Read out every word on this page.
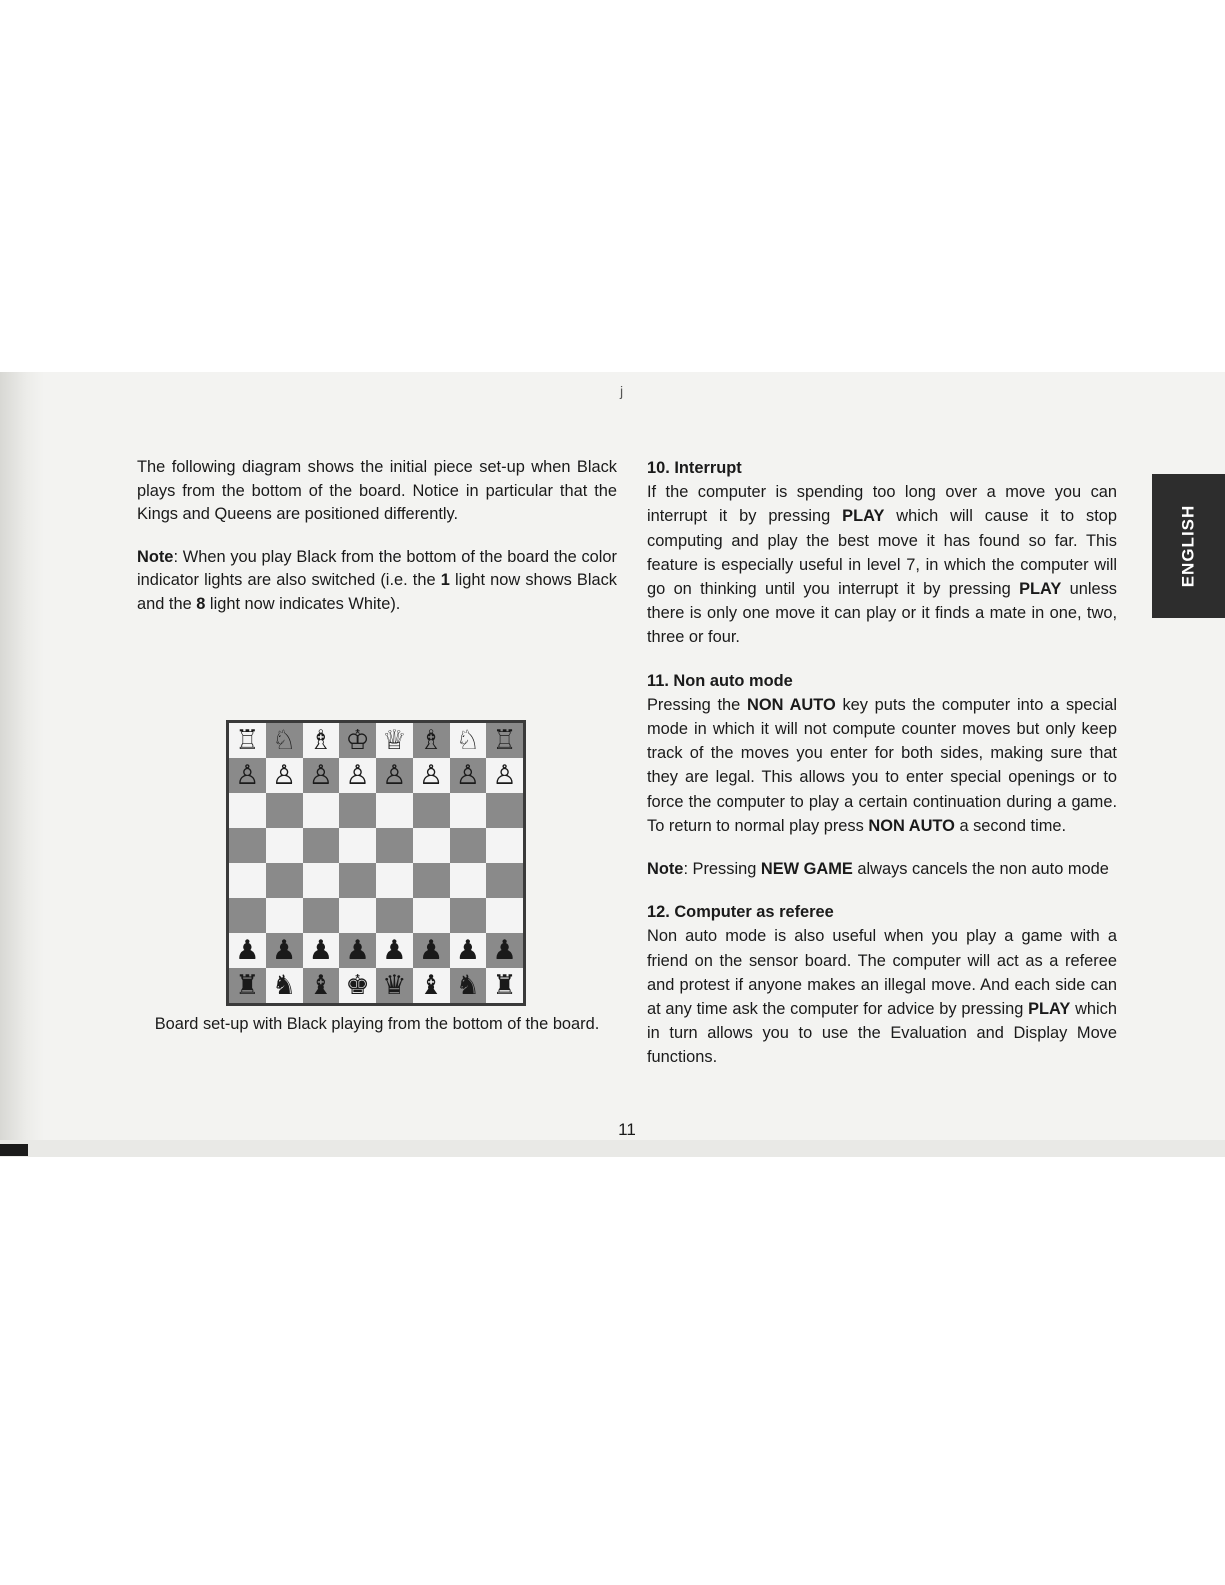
j

The following diagram shows the initial piece set-up when Black plays from the bottom of the board. Notice in particular that the Kings and Queens are positioned differently.

Note: When you play Black from the bottom of the board the color indicator lights are also switched (i.e. the 1 light now shows Black and the 8 light now indicates White).

♖ ♘ ♗ ♔ ♕ ♗ ♘ ♖
♙ ♙ ♙ ♙ ♙ ♙ ♙ ♙
♟ ♟ ♟ ♟ ♟ ♟ ♟ ♟
♜ ♞ ♝ ♚ ♛ ♝ ♞ ♜
Board set-up with Black playing from the bottom of the board.

10. Interrupt

If the computer is spending too long over a move you can interrupt it by pressing PLAY which will cause it to stop computing and play the best move it has found so far. This feature is especially useful in level 7, in which the computer will go on thinking until you interrupt it by pressing PLAY unless there is only one move it can play or it finds a mate in one, two, three or four.

11. Non auto mode

Pressing the NON AUTO key puts the computer into a special mode in which it will not compute counter moves but only keep track of the moves you enter for both sides, making sure that they are legal. This allows you to enter special openings or to force the computer to play a certain continuation during a game. To return to normal play press NON AUTO a second time.

Note: Pressing NEW GAME always cancels the non auto mode

12. Computer as referee

Non auto mode is also useful when you play a game with a friend on the sensor board. The computer will act as a referee and protest if anyone makes an illegal move. And each side can at any time ask the computer for advice by pressing PLAY which in turn allows you to use the Evaluation and Display Move functions.

11
ENGLISH
